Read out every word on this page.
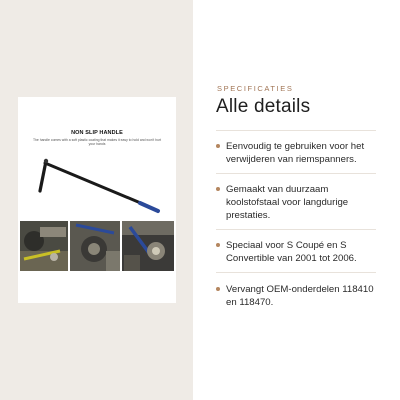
NON SLIP HANDLE
The handle comes with a soft plastic coating that makes it easy to hold and won't hurt your hands
SPECIFICATIES
Alle details
Eenvoudig te gebruiken voor het verwijderen van riemspanners.
Gemaakt van duurzaam koolstofstaal voor langdurige prestaties.
Speciaal voor S Coupé en S Convertible van 2001 tot 2006.
Vervangt OEM-onderdelen 118410 en 118470.
